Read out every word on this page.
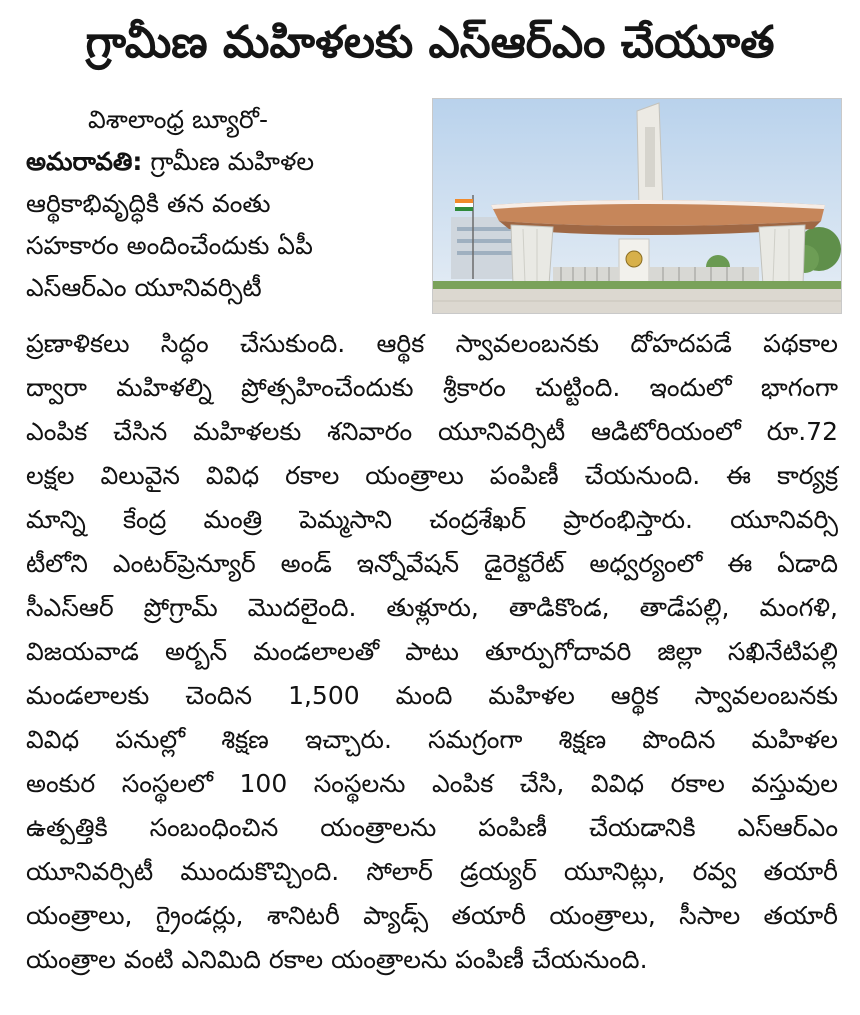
గ్రామీణ మహిళలకు ఎస్ఆర్ఎం చేయూత
విశాలాంధ్ర బ్యూరో-
అమరావతి: గ్రామీణ మహిళల
ఆర్థికాభివృద్ధికి తన వంతు
సహకారం అందించేందుకు ఏపీ
ఎస్ఆర్ఎం యూనివర్సిటీ
ప్రణాళికలు సిద్ధం చేసుకుంది. ఆర్థిక స్వావలంబనకు దోహదపడే పథకాల
ద్వారా మహిళల్ని ప్రోత్సహించేందుకు శ్రీకారం చుట్టింది. ఇందులో భాగంగా
ఎంపిక చేసిన మహిళలకు శనివారం యూనివర్సిటీ ఆడిటోరియంలో రూ.72
లక్షల విలువైన వివిధ రకాల యంత్రాలు పంపిణీ చేయనుంది. ఈ కార్యక్ర
మాన్ని కేంద్ర మంత్రి పెమ్మసాని చంద్రశేఖర్ ప్రారంభిస్తారు. యూనివర్సి
టీలోని ఎంటర్‌ప్రెన్యూర్ అండ్ ఇన్నోవేషన్ డైరెక్టరేట్ అధ్వర్యంలో ఈ ఏడాది
సీఎస్ఆర్ ప్రోగ్రామ్ మొదలైంది. తుళ్లూరు, తాడికొండ, తాడేపల్లి, మంగళి,
విజయవాడ అర్బన్ మండలాలతో పాటు తూర్పుగోదావరి జిల్లా సఖినేటిపల్లి
మండలాలకు చెందిన 1,500 మంది మహిళల ఆర్థిక స్వావలంబనకు
వివిధ పనుల్లో శిక్షణ ఇచ్చారు. సమగ్రంగా శిక్షణ పొందిన మహిళల
అంకుర సంస్థలలో 100 సంస్థలను ఎంపిక చేసి, వివిధ రకాల వస్తువుల
ఉత్పత్తికి సంబంధించిన యంత్రాలను పంపిణీ చేయడానికి ఎస్ఆర్ఎం
యూనివర్సిటీ ముందుకొచ్చింది. సోలార్ డ్రయ్యర్ యూనిట్లు, రవ్వ తయారీ
యంత్రాలు, గ్రైండర్లు, శానిటరీ ప్యాడ్స్ తయారీ యంత్రాలు, సీసాల తయారీ
యంత్రాల వంటి ఎనిమిది రకాల యంత్రాలను పంపిణీ చేయనుంది.
